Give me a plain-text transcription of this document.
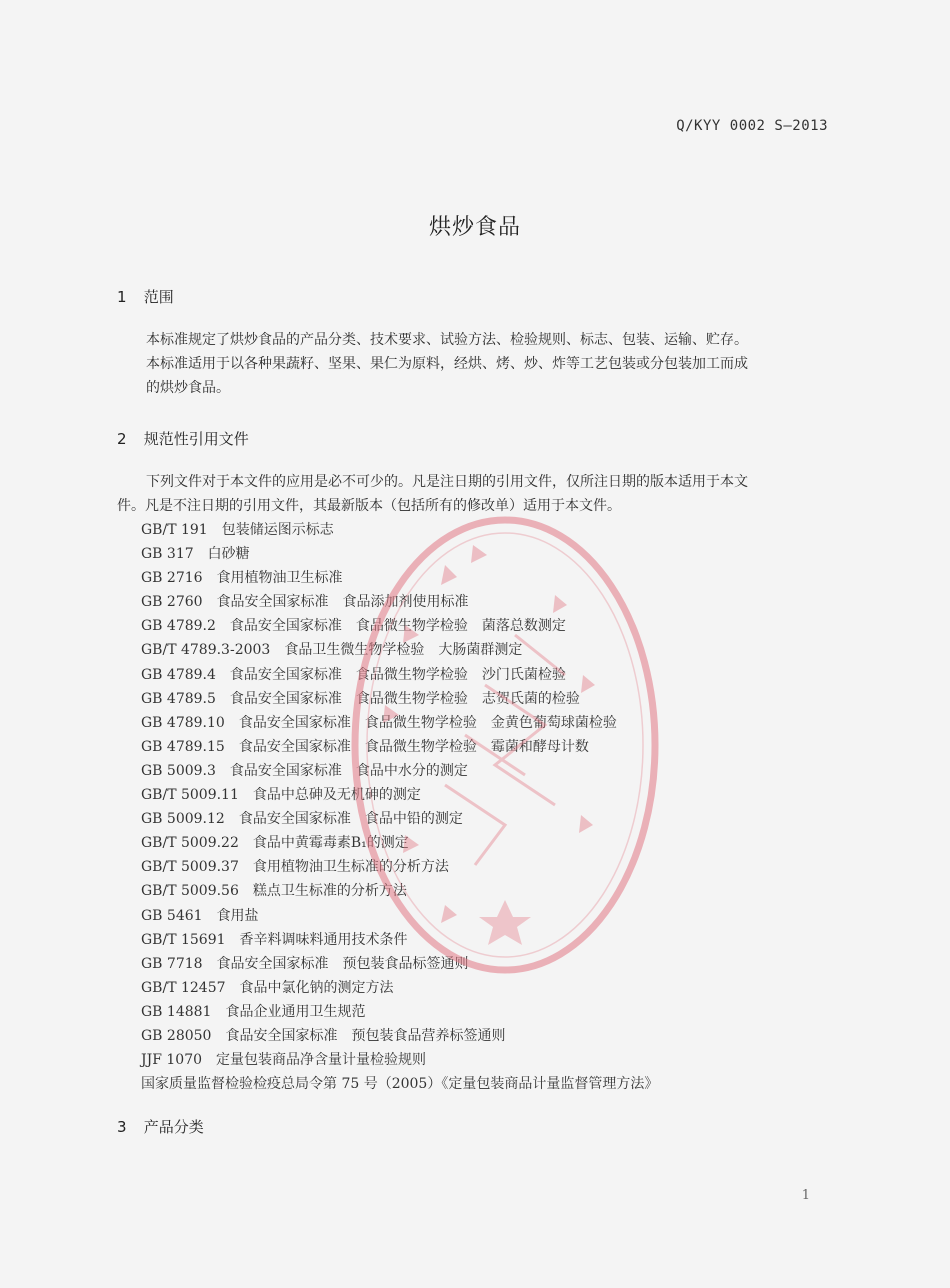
Q/KYY 0002 S—2013
烘炒食品
1 范围

本标准规定了烘炒食品的产品分类、技术要求、试验方法、检验规则、标志、包装、运输、贮存。

本标准适用于以各种果蔬籽、坚果、果仁为原料，经烘、烤、炒、炸等工艺包装或分包装加工而成

的烘炒食品。

2 规范性引用文件

下列文件对于本文件的应用是必不可少的。凡是注日期的引用文件，仅所注日期的版本适用于本文

件。凡是不注日期的引用文件，其最新版本（包括所有的修改单）适用于本文件。

GB/T 191 包装储运图示标志
GB 317 白砂糖
GB 2716 食用植物油卫生标准
GB 2760 食品安全国家标准　食品添加剂使用标准
GB 4789.2 食品安全国家标准　食品微生物学检验　菌落总数测定
GB/T 4789.3-2003 食品卫生微生物学检验　大肠菌群测定
GB 4789.4 食品安全国家标准　食品微生物学检验　沙门氏菌检验
GB 4789.5 食品安全国家标准　食品微生物学检验　志贺氏菌的检验
GB 4789.10 食品安全国家标准　食品微生物学检验　金黄色葡萄球菌检验
GB 4789.15 食品安全国家标准　食品微生物学检验　霉菌和酵母计数
GB 5009.3 食品安全国家标准　食品中水分的测定
GB/T 5009.11 食品中总砷及无机砷的测定
GB 5009.12 食品安全国家标准　食品中铅的测定
GB/T 5009.22 食品中黄霉毒素B₁的测定
GB/T 5009.37 食用植物油卫生标准的分析方法
GB/T 5009.56 糕点卫生标准的分析方法
GB 5461 食用盐
GB/T 15691 香辛料调味料通用技术条件
GB 7718 食品安全国家标准　预包装食品标签通则
GB/T 12457 食品中氯化钠的测定方法
GB 14881 食品企业通用卫生规范
GB 28050 食品安全国家标准　预包装食品营养标签通则
JJF 1070 定量包装商品净含量计量检验规则
国家质量监督检验检疫总局令第 75 号（2005）《定量包装商品计量监督管理方法》
3 产品分类
1
